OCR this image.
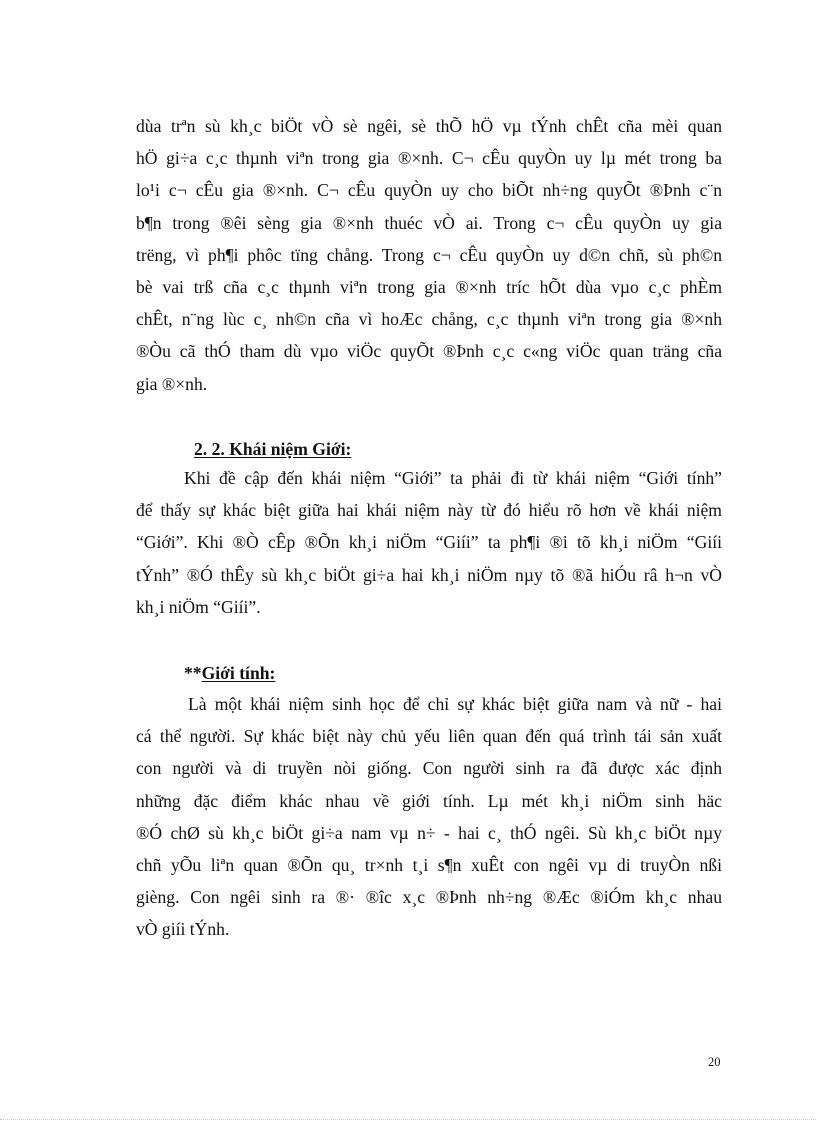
dùa trªn sù kh¸c biÖt vÒ sè ngêi, sè thÕ hÖ vµ tÝnh chÊt cña mèi quan
hÖ gi÷a c¸c thµnh viªn trong gia ®×nh. C¬ cÊu quyÒn uy lµ mét trong ba
lo¹i c¬ cÊu gia ®×nh. C¬ cÊu quyÒn uy cho biÕt nh÷ng quyÕt ®Þnh c¨n
b¶n trong ®êi sèng gia ®×nh thuéc vÒ ai. Trong c¬ cÊu quyÒn uy gia
trëng, vì ph¶i phôc tïng chång. Trong c¬ cÊu quyÒn uy d©n chñ, sù ph©n
bè vai trß cña c¸c thµnh viªn trong gia ®×nh tríc hÕt dùa vµo c¸c phÈm
chÊt, n¨ng lùc c¸ nh©n cña vì hoÆc chång, c¸c thµnh viªn trong gia ®×nh
®Òu cã thÓ tham dù vµo viÖc quyÕt ®Þnh c¸c c«ng viÖc quan träng cña
gia ®×nh.
2. 2. Khái niệm Giới:
Khi đề cập đến khái niệm “Giới” ta phải đi từ khái niệm “Giới tính”
để thấy sự khác biệt giữa hai khái niệm này từ đó hiểu rõ hơn về khái niệm
“Giới”. Khi ®Ò cÊp ®Õn kh¸i niÖm “Giíi” ta ph¶i ®i tõ kh¸i niÖm “Giíi
tÝnh” ®Ó thÊy sù kh¸c biÖt gi÷a hai kh¸i niÖm nµy tõ ®ã hiÓu râ h¬n vÒ
kh¸i niÖm “Giíi”.
**Giới tính:
Là một khái niệm sinh học để chỉ sự khác biệt giữa nam và nữ - hai
cá thể người. Sự khác biệt này chủ yếu liên quan đến quá trình tái sản xuất
con người và di truyền nòi giống. Con người sinh ra đã được xác định
những đặc điểm khác nhau về giới tính. Lµ mét kh¸i niÖm sinh häc
®Ó chØ sù kh¸c biÖt gi÷a nam vµ n÷ - hai c¸ thÓ ngêi. Sù kh¸c biÖt nµy
chñ yÕu liªn quan ®Õn qu¸ tr×nh t¸i s¶n xuÊt con ngêi vµ di truyÒn nßi
gièng. Con ngêi sinh ra ®· ®îc x¸c ®Þnh nh÷ng ®Æc ®iÓm kh¸c nhau
vÒ giíi tÝnh.
20
